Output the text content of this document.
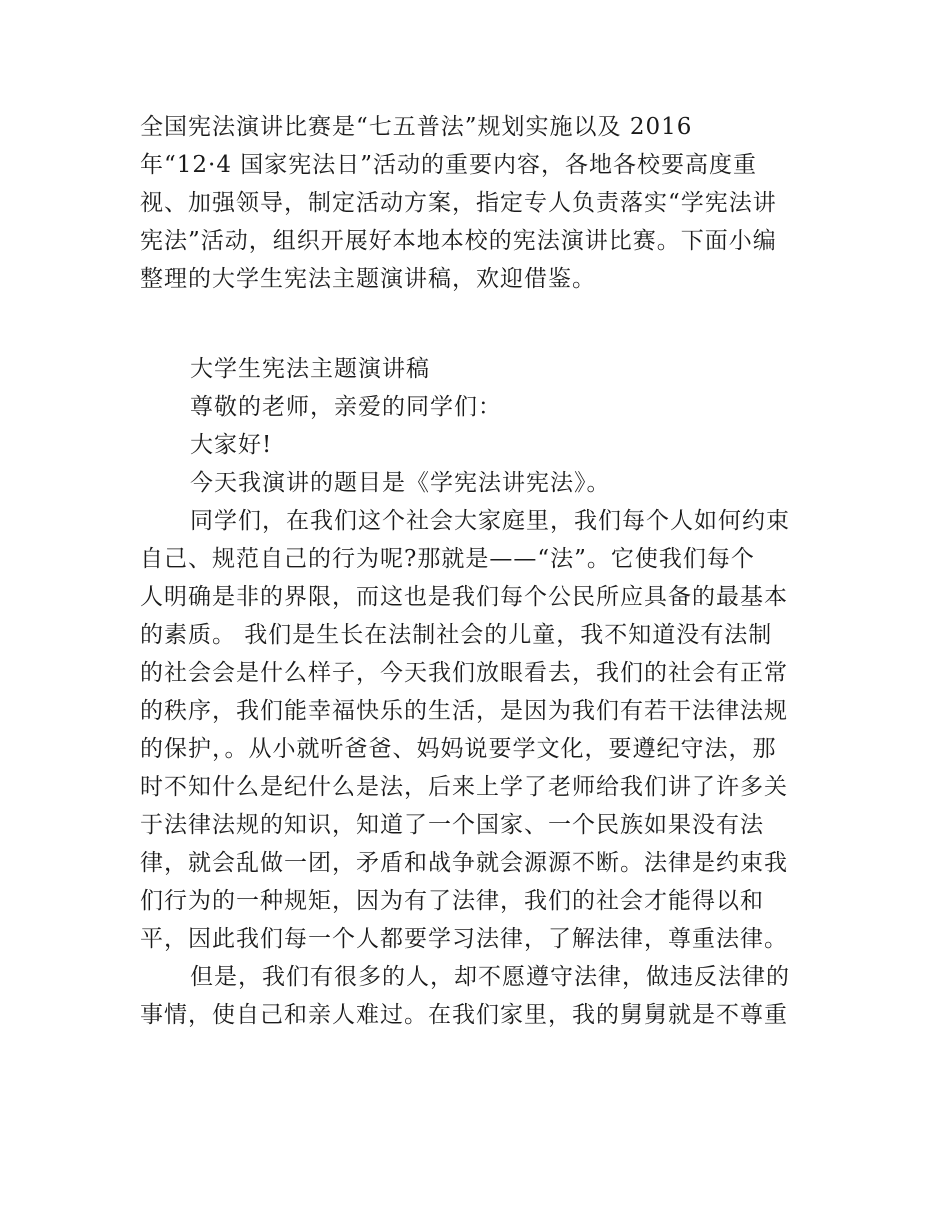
全国宪法演讲比赛是“七五普法”规划实施以及 2016
年“12·4 国家宪法日”活动的重要内容，各地各校要高度重
视、加强领导，制定活动方案，指定专人负责落实“学宪法讲
宪法”活动，组织开展好本地本校的宪法演讲比赛。下面小编
整理的大学生宪法主题演讲稿，欢迎借鉴。
大学生宪法主题演讲稿
尊敬的老师，亲爱的同学们：
大家好!
今天我演讲的题目是《学宪法讲宪法》。
同学们，在我们这个社会大家庭里，我们每个人如何约束
自己、规范自己的行为呢?那就是——“法”。它使我们每个
人明确是非的界限，而这也是我们每个公民所应具备的最基本
的素质。 我们是生长在法制社会的儿童，我不知道没有法制
的社会会是什么样子，今天我们放眼看去，我们的社会有正常
的秩序，我们能幸福快乐的生活，是因为我们有若干法律法规
的保护，。从小就听爸爸、妈妈说要学文化，要遵纪守法，那
时不知什么是纪什么是法，后来上学了老师给我们讲了许多关
于法律法规的知识，知道了一个国家、一个民族如果没有法
律，就会乱做一团，矛盾和战争就会源源不断。法律是约束我
们行为的一种规矩，因为有了法律，我们的社会才能得以和
平，因此我们每一个人都要学习法律，了解法律，尊重法律。
但是，我们有很多的人，却不愿遵守法律，做违反法律的
事情，使自己和亲人难过。在我们家里，我的舅舅就是不尊重
